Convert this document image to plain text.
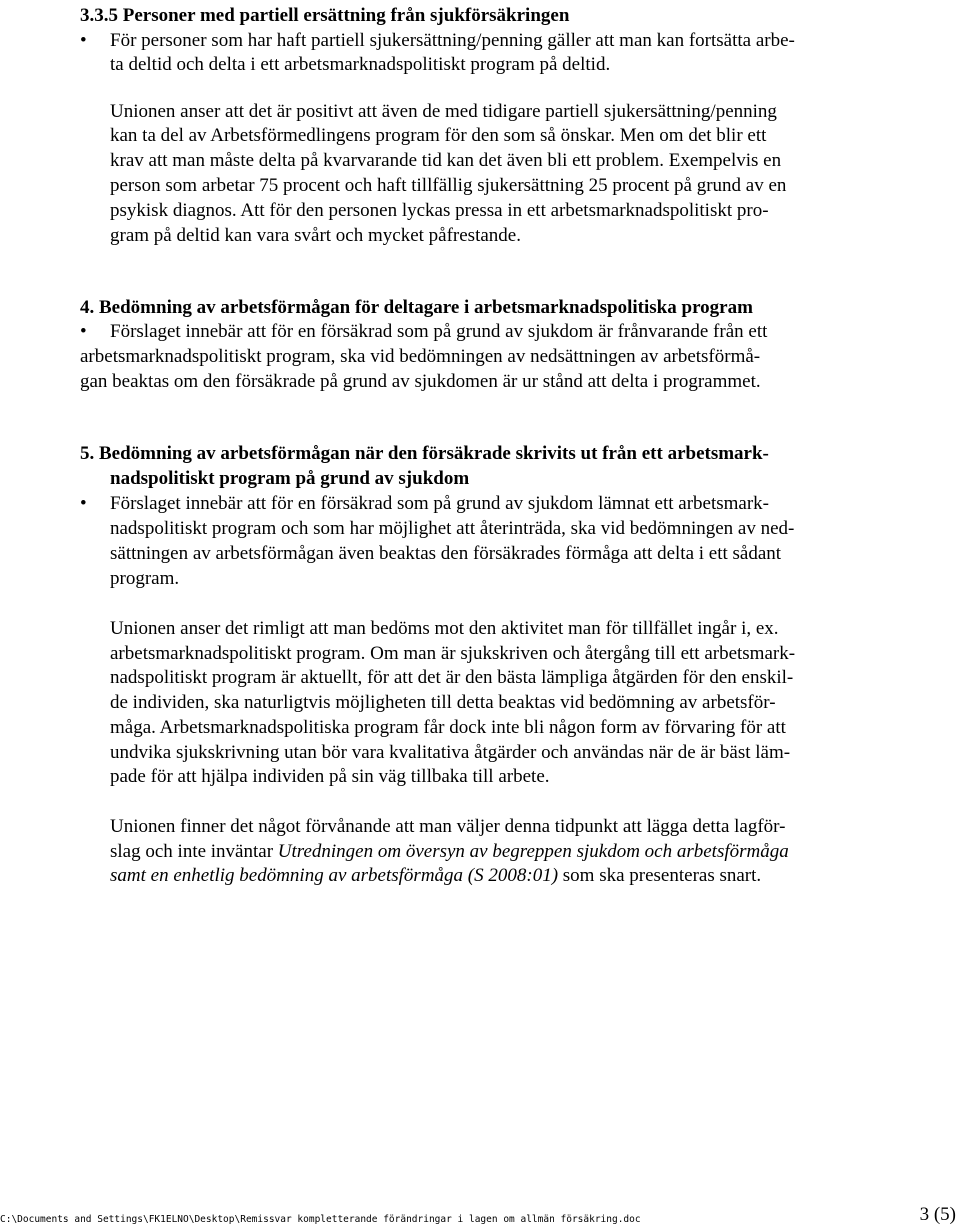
3.3.5 Personer med partiell ersättning från sjukförsäkringen
• För personer som har haft partiell sjukersättning/penning gäller att man kan fortsätta arbe-
ta deltid och delta i ett arbetsmarknadspolitiskt program på deltid.
Unionen anser att det är positivt att även de med tidigare partiell sjukersättning/penning
kan ta del av Arbetsförmedlingens program för den som så önskar. Men om det blir ett
krav att man måste delta på kvarvarande tid kan det även bli ett problem. Exempelvis en
person som arbetar 75 procent och haft tillfällig sjukersättning 25 procent på grund av en
psykisk diagnos. Att för den personen lyckas pressa in ett arbetsmarknadspolitiskt pro-
gram på deltid kan vara svårt och mycket påfrestande.
4. Bedömning av arbetsförmågan för deltagare i arbetsmarknadspolitiska program
• Förslaget innebär att för en försäkrad som på grund av sjukdom är frånvarande från ett
arbetsmarknadspolitiskt program, ska vid bedömningen av nedsättningen av arbetsförmå-
gan beaktas om den försäkrade på grund av sjukdomen är ur stånd att delta i programmet.
5. Bedömning av arbetsförmågan när den försäkrade skrivits ut från ett arbetsmark-
nadspolitiskt program på grund av sjukdom
• Förslaget innebär att för en försäkrad som på grund av sjukdom lämnat ett arbetsmark-
nadspolitiskt program och som har möjlighet att återinträda, ska vid bedömningen av ned-
sättningen av arbetsförmågan även beaktas den försäkrades förmåga att delta i ett sådant
program.
Unionen anser det rimligt att man bedöms mot den aktivitet man för tillfället ingår i, ex.
arbetsmarknadspolitiskt program. Om man är sjukskriven och återgång till ett arbetsmark-
nadspolitiskt program är aktuellt, för att det är den bästa lämpliga åtgärden för den enskil-
de individen, ska naturligtvis möjligheten till detta beaktas vid bedömning av arbetsför-
måga. Arbetsmarknadspolitiska program får dock inte bli någon form av förvaring för att
undvika sjukskrivning utan bör vara kvalitativa åtgärder och användas när de är bäst läm-
pade för att hjälpa individen på sin väg tillbaka till arbete.
Unionen finner det något förvånande att man väljer denna tidpunkt att lägga detta lagför-
slag och inte inväntar Utredningen om översyn av begreppen sjukdom och arbetsförmåga
samt en enhetlig bedömning av arbetsförmåga (S 2008:01) som ska presenteras snart.
C:\Documents and Settings\FK1ELNO\Desktop\Remissvar kompletterande förändringar i lagen om allmän försäkring.doc	3 (5)
